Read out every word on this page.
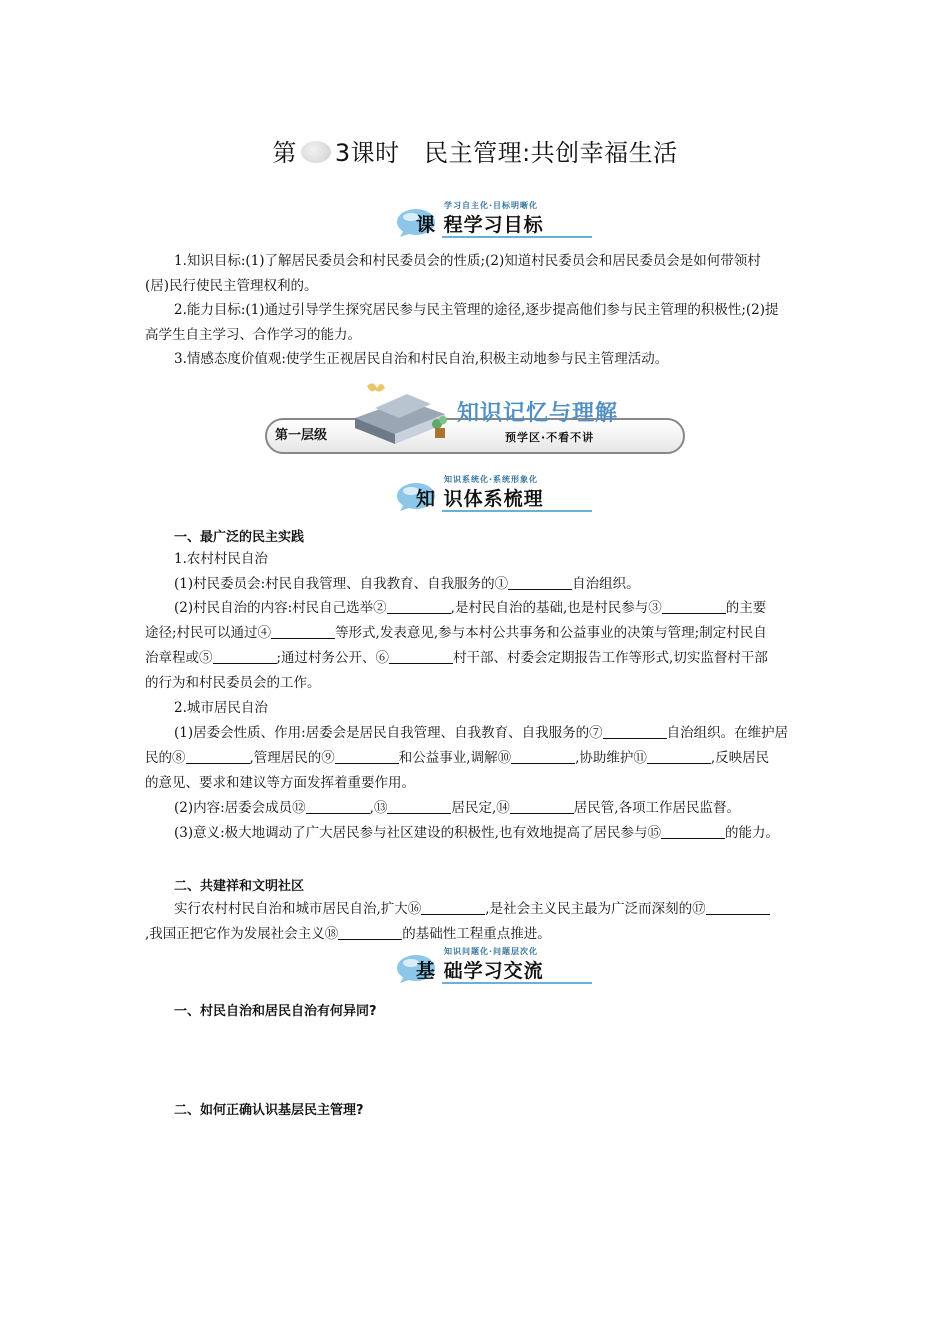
第 3课时　民主管理:共创幸福生活
学习自主化·目标明晰化
课 程学习目标
1.知识目标:(1)了解居民委员会和村民委员会的性质;(2)知道村民委员会和居民委员会是如何带领村
(居)民行使民主管理权利的。
2.能力目标:(1)通过引导学生探究居民参与民主管理的途径,逐步提高他们参与民主管理的积极性;(2)提
高学生自主学习、合作学习的能力。
3.情感态度价值观:使学生正视居民自治和村民自治,积极主动地参与民主管理活动。
第一层级
知识记忆与理解
预学区·不看不讲
知识系统化·系统形象化
知 识体系梳理
一、最广泛的民主实践
1.农村村民自治
(1)村民委员会:村民自我管理、自我教育、自我服务的①	自治组织。
(2)村民自治的内容:村民自己选举②	,是村民自治的基础,也是村民参与③	的主要
途径;村民可以通过④	等形式,发表意见,参与本村公共事务和公益事业的决策与管理;制定村民自
治章程或⑤	;通过村务公开、⑥	村干部、村委会定期报告工作等形式,切实监督村干部
的行为和村民委员会的工作。
2.城市居民自治
(1)居委会性质、作用:居委会是居民自我管理、自我教育、自我服务的⑦	自治组织。在维护居
民的⑧	,管理居民的⑨	和公益事业,调解⑩	,协助维护⑪	,反映居民
的意见、要求和建议等方面发挥着重要作用。
(2)内容:居委会成员⑫	,⑬	居民定,⑭	居民管,各项工作居民监督。
(3)意义:极大地调动了广大居民参与社区建设的积极性,也有效地提高了居民参与⑮	的能力。
二、共建祥和文明社区
实行农村村民自治和城市居民自治,扩大⑯	,是社会主义民主最为广泛而深刻的⑰
,我国正把它作为发展社会主义⑱	的基础性工程重点推进。
知识问题化·问题层次化
基 础学习交流
一、村民自治和居民自治有何异同?
二、如何正确认识基层民主管理?
